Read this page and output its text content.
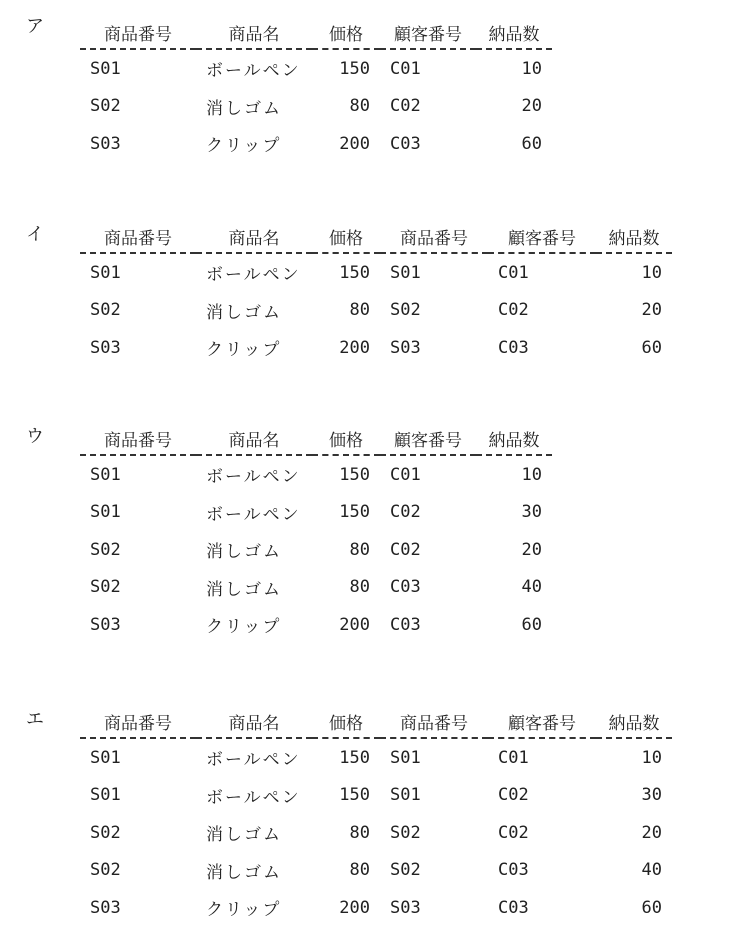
ア	商品番号	商品名	価格	顧客番号	納品数
S01	ボールペン	150	C01	10
S02	消しゴム	80	C02	20
S03	クリップ	200	C03	60
イ	商品番号	商品名	価格	商品番号	顧客番号	納品数
S01	ボールペン	150	S01	C01	10
S02	消しゴム	80	S02	C02	20
S03	クリップ	200	S03	C03	60
ウ	商品番号	商品名	価格	顧客番号	納品数
S01	ボールペン	150	C01	10
S01	ボールペン	150	C02	30
S02	消しゴム	80	C02	20
S02	消しゴム	80	C03	40
S03	クリップ	200	C03	60
エ	商品番号	商品名	価格	商品番号	顧客番号	納品数
S01	ボールペン	150	S01	C01	10
S01	ボールペン	150	S01	C02	30
S02	消しゴム	80	S02	C02	20
S02	消しゴム	80	S02	C03	40
S03	クリップ	200	S03	C03	60
